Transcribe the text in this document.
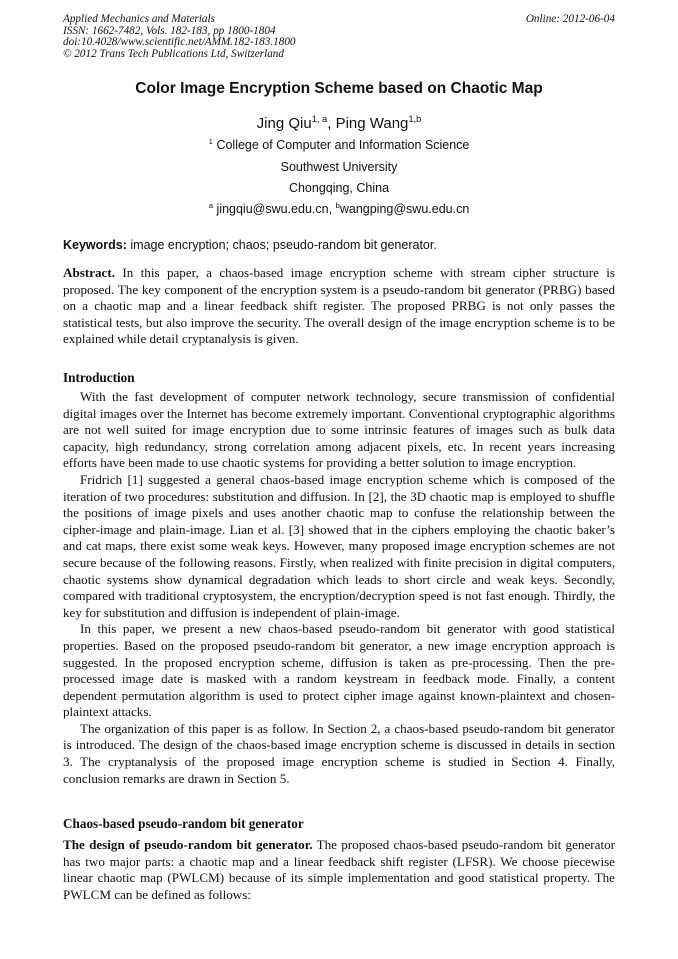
Applied Mechanics and Materials
ISSN: 1662-7482, Vols. 182-183, pp 1800-1804
doi:10.4028/www.scientific.net/AMM.182-183.1800
© 2012 Trans Tech Publications Ltd, Switzerland
Online: 2012-06-04
Color Image Encryption Scheme based on Chaotic Map
Jing Qiu$^{1, a}$, Ping Wang$^{1,b}$
$^1$ College of Computer and Information Science
Southwest University
Chongqing, China
$^a$ jingqiu@swu.edu.cn, $^b$wangping@swu.edu.cn
Keywords: image encryption; chaos; pseudo-random bit generator.

Abstract. In this paper, a chaos-based image encryption scheme with stream cipher structure is proposed. The key component of the encryption system is a pseudo-random bit generator (PRBG) based on a chaotic map and a linear feedback shift register. The proposed PRBG is not only passes the statistical tests, but also improve the security. The overall design of the image encryption scheme is to be explained while detail cryptanalysis is given.

Introduction

With the fast development of computer network technology, secure transmission of confidential digital images over the Internet has become extremely important. Conventional cryptographic algorithms are not well suited for image encryption due to some intrinsic features of images such as bulk data capacity, high redundancy, strong correlation among adjacent pixels, etc. In recent years increasing efforts have been made to use chaotic systems for providing a better solution to image encryption.

Fridrich [1] suggested a general chaos-based image encryption scheme which is composed of the iteration of two procedures: substitution and diffusion. In [2], the 3D chaotic map is employed to shuffle the positions of image pixels and uses another chaotic map to confuse the relationship between the cipher-image and plain-image. Lian et al. [3] showed that in the ciphers employing the chaotic baker’s and cat maps, there exist some weak keys. However, many proposed image encryption schemes are not secure because of the following reasons. Firstly, when realized with finite precision in digital computers, chaotic systems show dynamical degradation which leads to short circle and weak keys. Secondly, compared with traditional cryptosystem, the encryption/decryption speed is not fast enough. Thirdly, the key for substitution and diffusion is independent of plain-image.

In this paper, we present a new chaos-based pseudo-random bit generator with good statistical properties. Based on the proposed pseudo-random bit generator, a new image encryption approach is suggested. In the proposed encryption scheme, diffusion is taken as pre-processing. Then the pre-processed image date is masked with a random keystream in feedback mode. Finally, a content dependent permutation algorithm is used to protect cipher image against known-plaintext and chosen-plaintext attacks.

The organization of this paper is as follow. In Section 2, a chaos-based pseudo-random bit generator is introduced. The design of the chaos-based image encryption scheme is discussed in details in section 3. The cryptanalysis of the proposed image encryption scheme is studied in Section 4. Finally, conclusion remarks are drawn in Section 5.

Chaos-based pseudo-random bit generator

The design of pseudo-random bit generator. The proposed chaos-based pseudo-random bit generator has two major parts: a chaotic map and a linear feedback shift register (LFSR). We choose piecewise linear chaotic map (PWLCM) because of its simple implementation and good statistical property. The PWLCM can be defined as follows:
